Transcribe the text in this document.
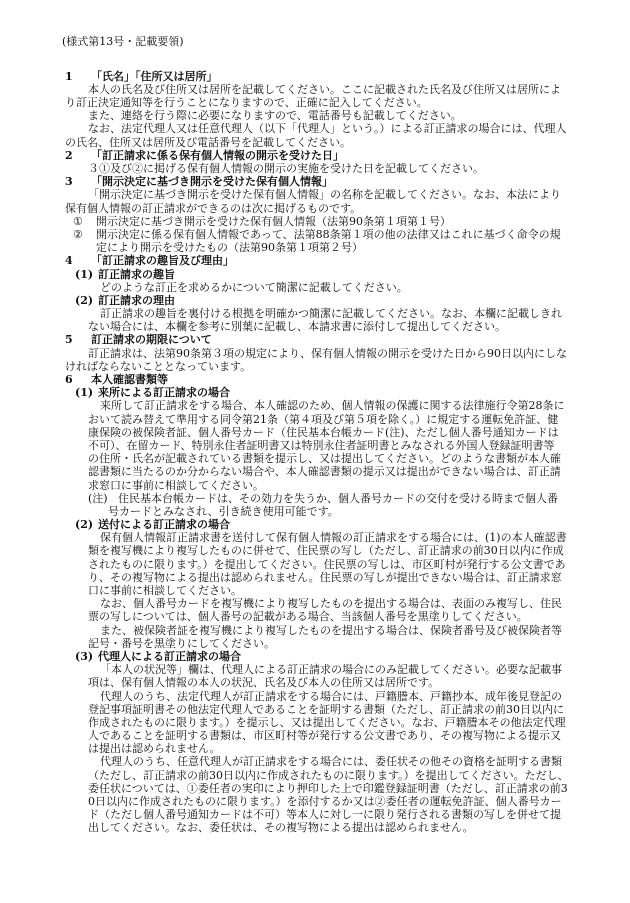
(様式第13号・記載要領)
1 「氏名」「住所又は居所」
本人の氏名及び住所又は居所を記載してください。ここに記載された氏名及び住所又は居所によ
り訂正決定通知等を行うことになりますので、正確に記入してください。
また、連絡を行う際に必要になりますので、電話番号も記載してください。
なお、法定代理人又は任意代理人（以下「代理人」という。）による訂正請求の場合には、代理人
の氏名、住所又は居所及び電話番号を記載してください。
2 「訂正請求に係る保有個人情報の開示を受けた日」
３①及び②に掲げる保有個人情報の開示の実施を受けた日を記載してください。
3 「開示決定に基づき開示を受けた保有個人情報」
「開示決定に基づき開示を受けた保有個人情報」の名称を記載してください。なお、本法により
保有個人情報の訂正請求ができるのは次に掲げるものです。
① 開示決定に基づき開示を受けた保有個人情報（法第90条第１項第１号）
② 開示決定に係る保有個人情報であって、法第88条第１項の他の法律又はこれに基づく命令の規
定により開示を受けたもの（法第90条第１項第２号）
4 「訂正請求の趣旨及び理由」
(1) 訂正請求の趣旨
どのような訂正を求めるかについて簡潔に記載してください。
(2) 訂正請求の理由
訂正請求の趣旨を裏付ける根拠を明確かつ簡潔に記載してください。なお、本欄に記載しきれ
ない場合には、本欄を参考に別葉に記載し、本請求書に添付して提出してください。
5 訂正請求の期限について
訂正請求は、法第90条第３項の規定により、保有個人情報の開示を受けた日から90日以内にしな
ければならないこととなっています。
6 本人確認書類等
(1) 来所による訂正請求の場合
来所して訂正請求をする場合、本人確認のため、個人情報の保護に関する法律施行令第28条に
おいて読み替えて準用する同令第21条（第４項及び第５項を除く。）に規定する運転免許証、健
康保険の被保険者証、個人番号カード（住民基本台帳カード(注)、ただし個人番号通知カードは
不可）、在留カード、特別永住者証明書又は特別永住者証明書とみなされる外国人登録証明書等
の住所・氏名が記載されている書類を提示し、又は提出してください。どのような書類が本人確
認書類に当たるのか分からない場合や、本人確認書類の提示又は提出ができない場合は、訂正請
求窓口に事前に相談してください。
(注) 住民基本台帳カードは、その効力を失うか、個人番号カードの交付を受ける時まで個人番
号カードとみなされ、引き続き使用可能です。
(2) 送付による訂正請求の場合
保有個人情報訂正請求書を送付して保有個人情報の訂正請求をする場合には、(1)の本人確認書
類を複写機により複写したものに併せて、住民票の写し（ただし、訂正請求の前30日以内に作成
されたものに限ります。）を提出してください。住民票の写しは、市区町村が発行する公文書であ
り、その複写物による提出は認められません。住民票の写しが提出できない場合は、訂正請求窓
口に事前に相談してください。
なお、個人番号カードを複写機により複写したものを提出する場合は、表面のみ複写し、住民
票の写しについては、個人番号の記載がある場合、当該個人番号を黒塗りしてください。
また、被保険者証を複写機により複写したものを提出する場合は、保険者番号及び被保険者等
記号・番号を黒塗りにしてください。
(3) 代理人による訂正請求の場合
「本人の状況等」欄は、代理人による訂正請求の場合にのみ記載してください。必要な記載事
項は、保有個人情報の本人の状況、氏名及び本人の住所又は居所です。
代理人のうち、法定代理人が訂正請求をする場合には、戸籍謄本、戸籍抄本、成年後見登記の
登記事項証明書その他法定代理人であることを証明する書類（ただし、訂正請求の前30日以内に
作成されたものに限ります。）を提示し、又は提出してください。なお、戸籍謄本その他法定代理
人であることを証明する書類は、市区町村等が発行する公文書であり、その複写物による提示又
は提出は認められません。
代理人のうち、任意代理人が訂正請求をする場合には、委任状その他その資格を証明する書類
（ただし、訂正請求の前30日以内に作成されたものに限ります。）を提出してください。ただし、
委任状については、①委任者の実印により押印した上で印鑑登録証明書（ただし、訂正請求の前3
0日以内に作成されたものに限ります。）を添付するか又は②委任者の運転免許証、個人番号カー
ド（ただし個人番号通知カードは不可）等本人に対し一に限り発行される書類の写しを併せて提
出してください。なお、委任状は、その複写物による提出は認められません。
